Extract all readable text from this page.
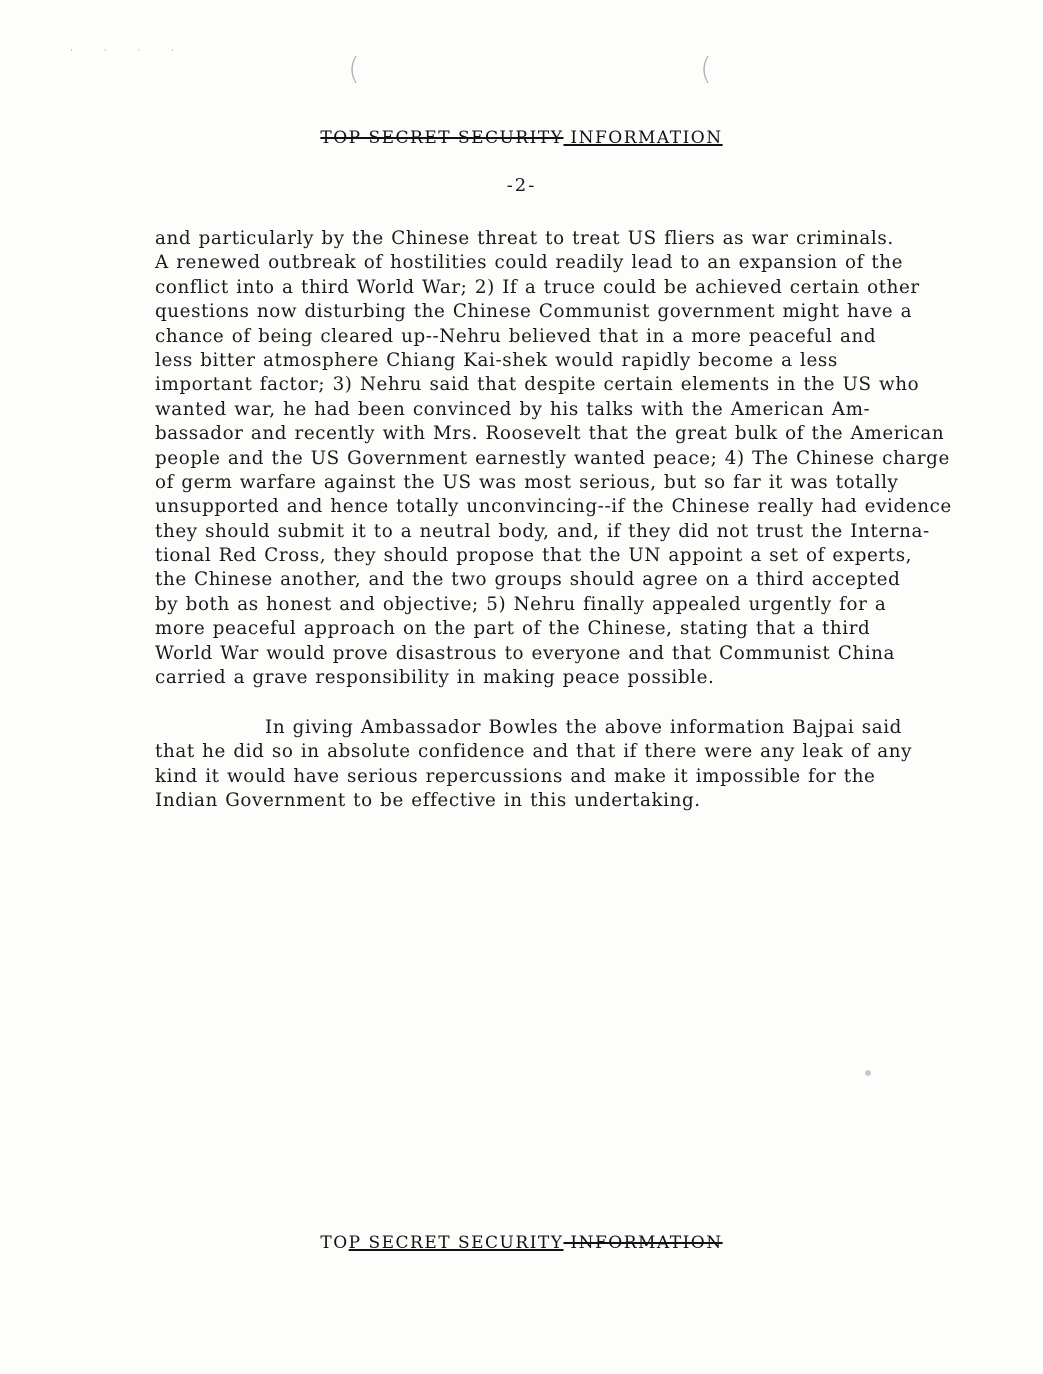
· · · ·
(	(
TOP SECRET SECURITY INFORMATION
-2-
and particularly by the Chinese threat to treat US fliers as war criminals.
A renewed outbreak of hostilities could readily lead to an expansion of the
conflict into a third World War; 2) If a truce could be achieved certain other
questions now disturbing the Chinese Communist government might have a
chance of being cleared up--Nehru believed that in a more peaceful and
less bitter atmosphere Chiang Kai-shek would rapidly become a less
important factor; 3) Nehru said that despite certain elements in the US who
wanted war, he had been convinced by his talks with the American Am-
bassador and recently with Mrs. Roosevelt that the great bulk of the American
people and the US Government earnestly wanted peace; 4) The Chinese charge
of germ warfare against the US was most serious, but so far it was totally
unsupported and hence totally unconvincing--if the Chinese really had evidence
they should submit it to a neutral body, and, if they did not trust the Interna-
tional Red Cross, they should propose that the UN appoint a set of experts,
the Chinese another, and the two groups should agree on a third accepted
by both as honest and objective; 5) Nehru finally appealed urgently for a
more peaceful approach on the part of the Chinese, stating that a third
World War would prove disastrous to everyone and that Communist China
carried a grave responsibility in making peace possible.
In giving Ambassador Bowles the above information Bajpai said
that he did so in absolute confidence and that if there were any leak of any
kind it would have serious repercussions and make it impossible for the
Indian Government to be effective in this undertaking.
TOP SECRET SECURITY INFORMATION
